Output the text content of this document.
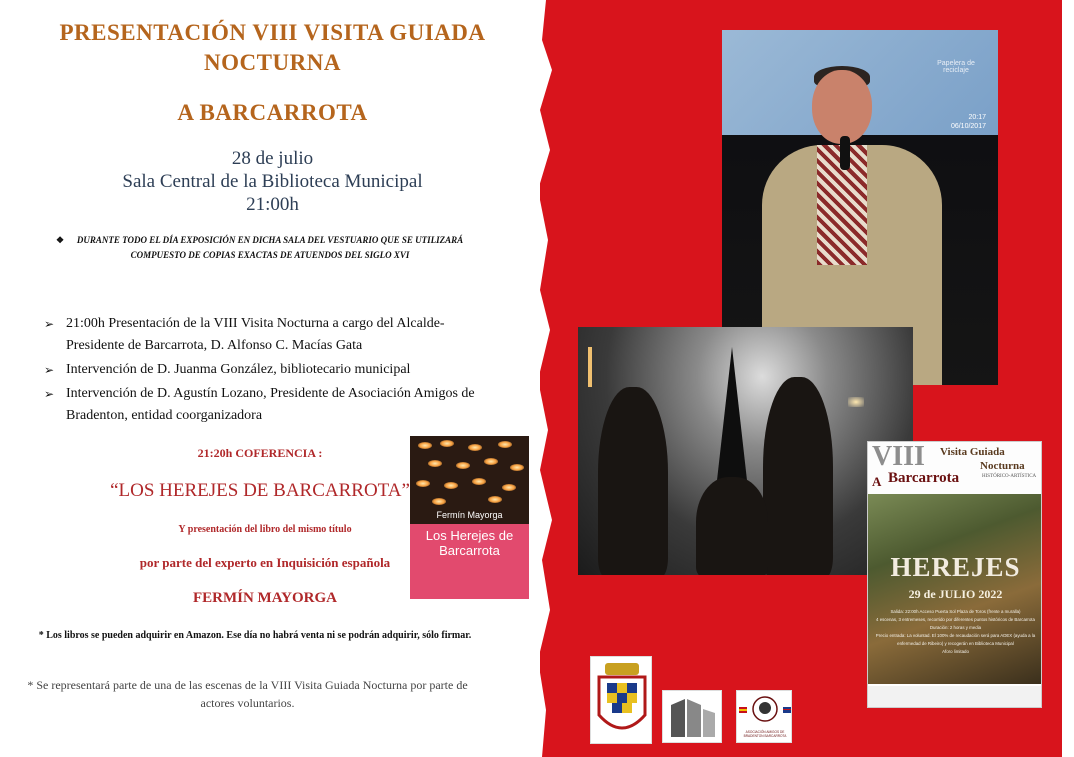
PRESENTACIÓN VIII VISITA GUIADA NOCTURNA
A BARCARROTA
28 de julio
Sala Central de la Biblioteca Municipal
21:00h
❖ DURANTE TODO EL DÍA EXPOSICIÓN EN DICHA SALA DEL VESTUARIO QUE SE UTILIZARÁ COMPUESTO DE COPIAS EXACTAS DE ATUENDOS DEL SIGLO XVI
➢ 21:00h Presentación de la VIII Visita Nocturna a cargo del Alcalde-Presidente de Barcarrota, D. Alfonso C. Macías Gata
➢ Intervención de D. Juanma González, bibliotecario municipal
➢ Intervención de D. Agustín Lozano, Presidente de Asociación Amigos de Bradenton, entidad coorganizadora
21:20h COFERENCIA :
“LOS HEREJES DE BARCARROTA”
Y presentación del libro del mismo título
por parte del experto en Inquisición española
FERMÍN MAYORGA
* Los libros se pueden adquirir en Amazon. Ese día no habrá venta ni se podrán adquirir, sólo firmar.
* Se representará parte de una de las escenas de la VIII Visita Guiada Nocturna por parte de actores voluntarios.
Fermín Mayorga
Los Herejes de Barcarrota
Papelera de reciclaje
20:17
06/10/2017
VIII Visita Guiada
Nocturna
HISTÓRICO-ARTÍSTICA
A Barcarrota
HEREJES
29 de JULIO 2022
Salida: 22:00h Acceso Puerta Sol Plaza de Toros (frente a muralla)
4 escenas, 3 entremeses, recorrido por diferentes puntos históricos de Barcarrota
Duración: 2 horas y media
Precio entrada: La voluntad. El 100% de recaudación será para ADEX (ayuda a la enfermedad de Ribeiro) y recogerán en Biblioteca Municipal
Aforo limitado
ASOCIACIÓN AMIGOS DE BRADENTON BARCARROTA
